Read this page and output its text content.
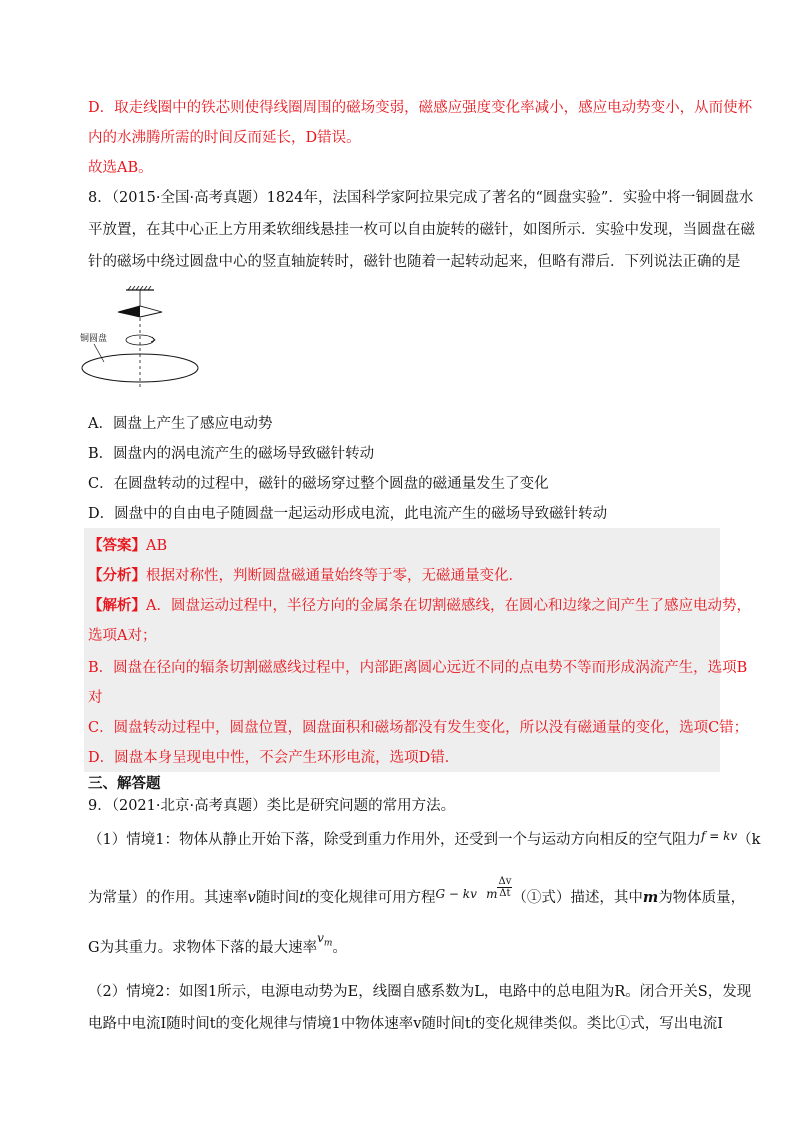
D．取走线圈中的铁芯则使得线圈周围的磁场变弱，磁感应强度变化率减小，感应电动势变小，从而使杯
内的水沸腾所需的时间反而延长，D错误。
故选AB。
8．（2015·全国·高考真题）1824年，法国科学家阿拉果完成了著名的“圆盘实验”．实验中将一铜圆盘水
平放置，在其中心正上方用柔软细线悬挂一枚可以自由旋转的磁针，如图所示．实验中发现，当圆盘在磁
针的磁场中绕过圆盘中心的竖直轴旋转时，磁针也随着一起转动起来，但略有滞后．下列说法正确的是
铜圆盘
A．圆盘上产生了感应电动势
B．圆盘内的涡电流产生的磁场导致磁针转动
C．在圆盘转动的过程中，磁针的磁场穿过整个圆盘的磁通量发生了变化
D．圆盘中的自由电子随圆盘一起运动形成电流，此电流产生的磁场导致磁针转动
【答案】AB
【分析】根据对称性，判断圆盘磁通量始终等于零，无磁通量变化．
【解析】A．圆盘运动过程中，半径方向的金属条在切割磁感线，在圆心和边缘之间产生了感应电动势，
选项A对；
B．圆盘在径向的辐条切割磁感线过程中，内部距离圆心远近不同的点电势不等而形成涡流产生，选项B
对
C．圆盘转动过程中，圆盘位置，圆盘面积和磁场都没有发生变化，所以没有磁通量的变化，选项C错；
D．圆盘本身呈现电中性，不会产生环形电流，选项D错．
三、解答题
9．（2021·北京·高考真题）类比是研究问题的常用方法。
（1）情境1：物体从静止开始下落，除受到重力作用外，还受到一个与运动方向相反的空气阻力$^{f = kv}$（k
为常量）的作用。其速率v随时间t的变化规律可用方程$^{G - kv}$ $^m \frac{\Delta v}{\Delta t}$ （①式）描述，其中m为物体质量，
G为其重力。求物体下落的最大速率$^{v_m}$。
（2）情境2：如图1所示，电源电动势为E，线圈自感系数为L，电路中的总电阻为R。闭合开关S，发现
电路中电流I随时间t的变化规律与情境1中物体速率v随时间t的变化规律类似。类比①式，写出电流I
